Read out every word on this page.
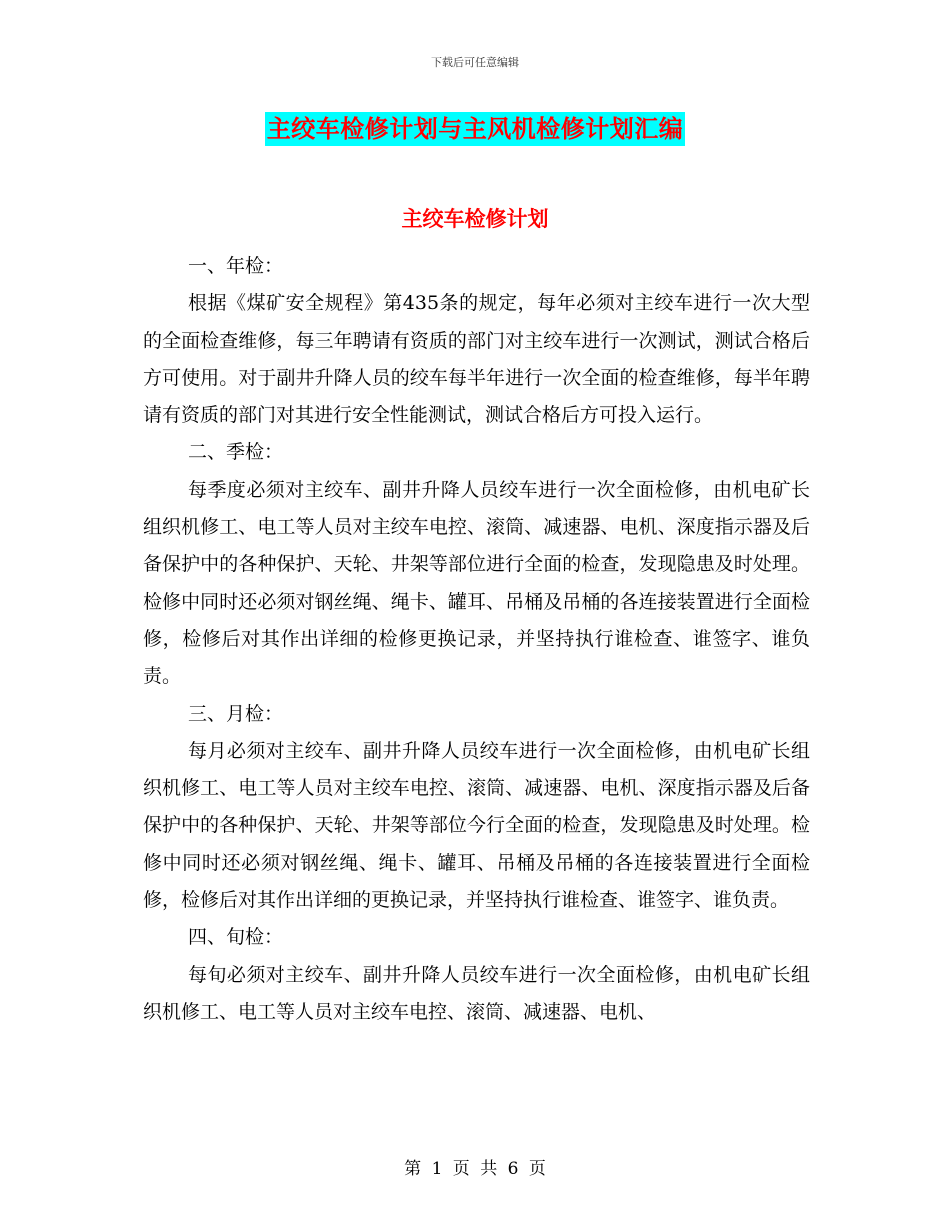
下载后可任意编辑
主绞车检修计划与主风机检修计划汇编
主绞车检修计划

一、年检：

根据《煤矿安全规程》第435条的规定，每年必须对主绞车进行一次大型的全面检查维修，每三年聘请有资质的部门对主绞车进行一次测试，测试合格后方可使用。对于副井升降人员的绞车每半年进行一次全面的检查维修，每半年聘请有资质的部门对其进行安全性能测试，测试合格后方可投入运行。

二、季检：

每季度必须对主绞车、副井升降人员绞车进行一次全面检修，由机电矿长组织机修工、电工等人员对主绞车电控、滚筒、减速器、电机、深度指示器及后备保护中的各种保护、天轮、井架等部位进行全面的检查，发现隐患及时处理。检修中同时还必须对钢丝绳、绳卡、罐耳、吊桶及吊桶的各连接装置进行全面检修，检修后对其作出详细的检修更换记录，并坚持执行谁检查、谁签字、谁负责。

三、月检：

每月必须对主绞车、副井升降人员绞车进行一次全面检修，由机电矿长组织机修工、电工等人员对主绞车电控、滚筒、减速器、电机、深度指示器及后备保护中的各种保护、天轮、井架等部位今行全面的检查，发现隐患及时处理。检修中同时还必须对钢丝绳、绳卡、罐耳、吊桶及吊桶的各连接装置进行全面检修，检修后对其作出详细的更换记录，并坚持执行谁检查、谁签字、谁负责。

四、旬检：

每旬必须对主绞车、副井升降人员绞车进行一次全面检修，由机电矿长组织机修工、电工等人员对主绞车电控、滚筒、减速器、电机、

第 1 页 共 6 页
